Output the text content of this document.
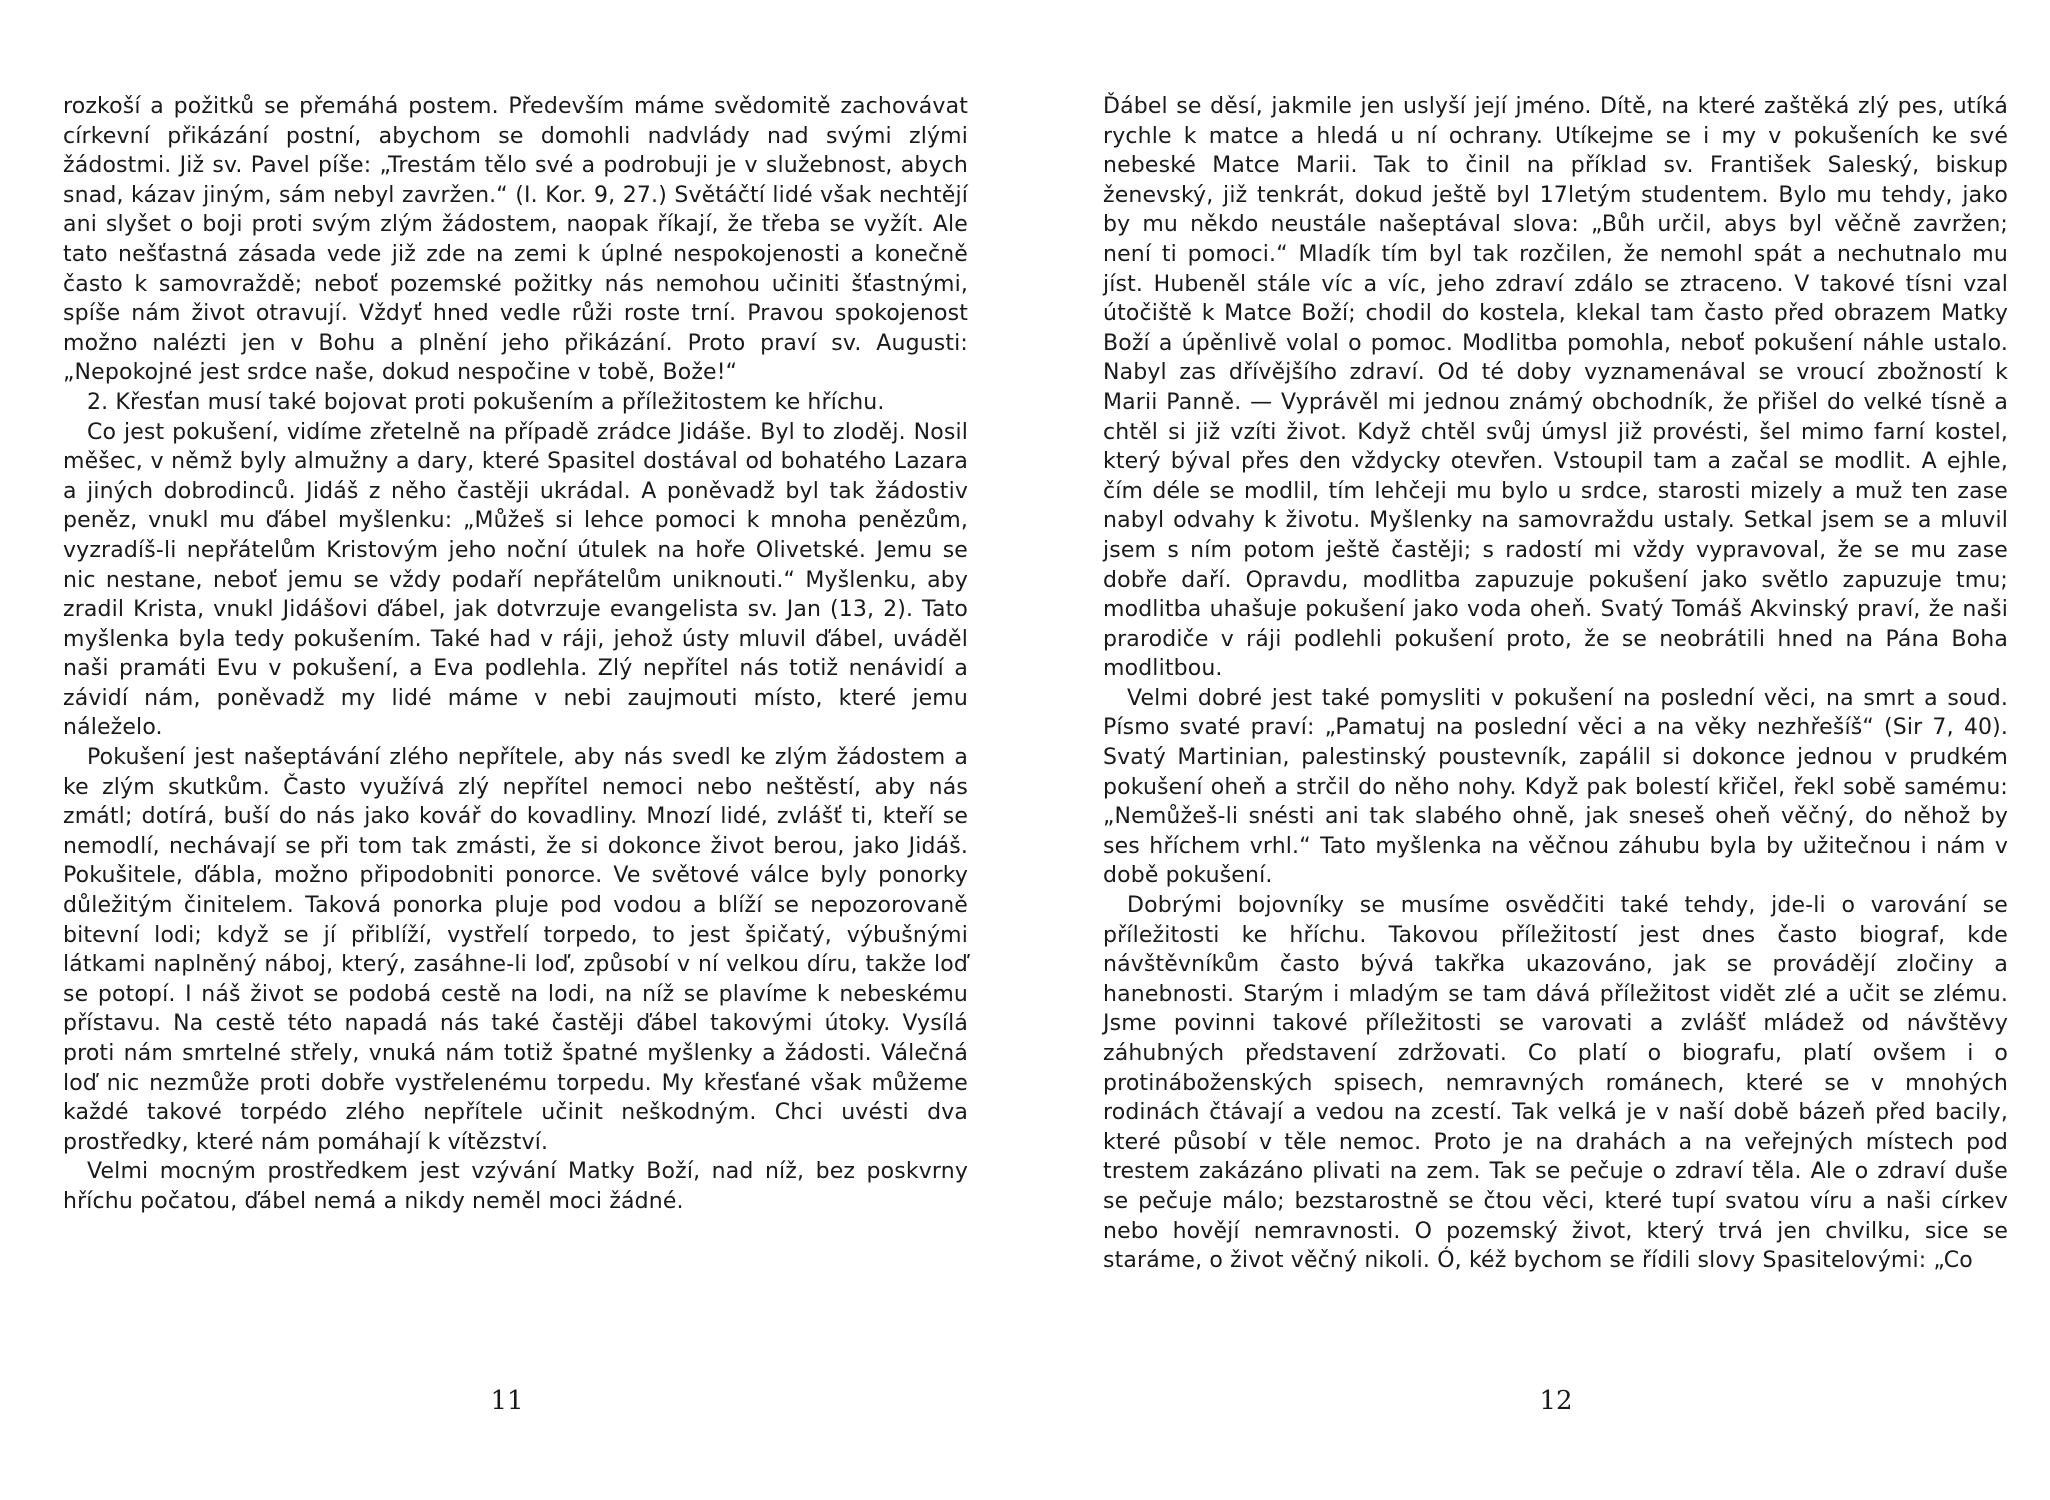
rozkoší a požitků se přemáhá postem. Především máme svědomitě zachovávat církevní přikázání postní, abychom se domohli nadvlády nad svými zlými žádostmi. Již sv. Pavel píše: „Trestám tělo své a podrobuji je v služebnost, abych snad, kázav jiným, sám nebyl zavržen.“ (I. Kor. 9, 27.) Světáčtí lidé však nechtějí ani slyšet o boji proti svým zlým žádostem, naopak říkají, že třeba se vyžít. Ale tato nešťastná zásada vede již zde na zemi k úplné nespokojenosti a konečně často k samovraždě; neboť pozemské požitky nás nemohou učiniti šťastnými, spíše nám život otravují. Vždyť hned vedle růži roste trní. Pravou spokojenost možno nalézti jen v Bohu a plnění jeho přikázání. Proto praví sv. Augusti: „Nepokojné jest srdce naše, dokud nespočine v tobě, Bože!“

2. Křesťan musí také bojovat proti pokušením a příležitostem ke hříchu.

Co jest pokušení, vidíme zřetelně na případě zrádce Jidáše. Byl to zloděj. Nosil měšec, v němž byly almužny a dary, které Spasitel dostával od bohatého Lazara a jiných dobrodinců. Jidáš z něho častěji ukrádal. A poněvadž byl tak žádostiv peněz, vnukl mu ďábel myšlenku: „Můžeš si lehce pomoci k mnoha penězům, vyzradíš-li nepřátelům Kristovým jeho noční útulek na hoře Olivetské. Jemu se nic nestane, neboť jemu se vždy podaří nepřátelům uniknouti.“ Myšlenku, aby zradil Krista, vnukl Jidášovi ďábel, jak dotvrzuje evangelista sv. Jan (13, 2). Tato myšlenka byla tedy pokušením. Také had v ráji, jehož ústy mluvil ďábel, uváděl naši pramáti Evu v pokušení, a Eva podlehla. Zlý nepřítel nás totiž nenávidí a závidí nám, poněvadž my lidé máme v nebi zaujmouti místo, které jemu náleželo.

Pokušení jest našeptávání zlého nepřítele, aby nás svedl ke zlým žádostem a ke zlým skutkům. Často využívá zlý nepřítel nemoci nebo neštěstí, aby nás zmátl; dotírá, buší do nás jako kovář do kovadliny. Mnozí lidé, zvlášť ti, kteří se nemodlí, nechávají se při tom tak zmásti, že si dokonce život berou, jako Jidáš. Pokušitele, ďábla, možno připodobniti ponorce. Ve světové válce byly ponorky důležitým činitelem. Taková ponorka pluje pod vodou a blíží se nepozorovaně bitevní lodi; když se jí přiblíží, vystřelí torpedo, to jest špičatý, výbušnými látkami naplněný náboj, který, zasáhne-li loď, způsobí v ní velkou díru, takže loď se potopí. I náš život se podobá cestě na lodi, na níž se plavíme k nebeskému přístavu. Na cestě této napadá nás také častěji ďábel takovými útoky. Vysílá proti nám smrtelné střely, vnuká nám totiž špatné myšlenky a žádosti. Válečná loď nic nezmůže proti dobře vystřelenému torpedu. My křesťané však můžeme každé takové torpédo zlého nepřítele učinit neškodným. Chci uvésti dva prostředky, které nám pomáhají k vítězství.

Velmi mocným prostředkem jest vzývání Matky Boží, nad níž, bez poskvrny hříchu počatou, ďábel nemá a nikdy neměl moci žádné.

11

Ďábel se děsí, jakmile jen uslyší její jméno. Dítě, na které zaštěká zlý pes, utíká rychle k matce a hledá u ní ochrany. Utíkejme se i my v pokušeních ke své nebeské Matce Marii. Tak to činil na příklad sv. František Saleský, biskup ženevský, již tenkrát, dokud ještě byl 17letým studentem. Bylo mu tehdy, jako by mu někdo neustále našeptával slova: „Bůh určil, abys byl věčně zavržen; není ti pomoci.“ Mladík tím byl tak rozčilen, že nemohl spát a nechutnalo mu jíst. Hubeněl stále víc a víc, jeho zdraví zdálo se ztraceno. V takové tísni vzal útočiště k Matce Boží; chodil do kostela, klekal tam často před obrazem Matky Boží a úpěnlivě volal o pomoc. Modlitba pomohla, neboť pokušení náhle ustalo. Nabyl zas dřívějšího zdraví. Od té doby vyznamenával se vroucí zbožností k Marii Panně. — Vyprávěl mi jednou známý obchodník, že přišel do velké tísně a chtěl si již vzíti život. Když chtěl svůj úmysl již provésti, šel mimo farní kostel, který býval přes den vždycky otevřen. Vstoupil tam a začal se modlit. A ejhle, čím déle se modlil, tím lehčeji mu bylo u srdce, starosti mizely a muž ten zase nabyl odvahy k životu. Myšlenky na samovraždu ustaly. Setkal jsem se a mluvil jsem s ním potom ještě častěji; s radostí mi vždy vypravoval, že se mu zase dobře daří. Opravdu, modlitba zapuzuje pokušení jako světlo zapuzuje tmu; modlitba uhašuje pokušení jako voda oheň. Svatý Tomáš Akvinský praví, že naši prarodiče v ráji podlehli pokušení proto, že se neobrátili hned na Pána Boha modlitbou.

Velmi dobré jest také pomysliti v pokušení na poslední věci, na smrt a soud. Písmo svaté praví: „Pamatuj na poslední věci a na věky nezhřešíš“ (Sir 7, 40). Svatý Martinian, palestinský poustevník, zapálil si dokonce jednou v prudkém pokušení oheň a strčil do něho nohy. Když pak bolestí křičel, řekl sobě samému: „Nemůžeš-li snésti ani tak slabého ohně, jak sneseš oheň věčný, do něhož by ses hříchem vrhl.“ Tato myšlenka na věčnou záhubu byla by užitečnou i nám v době pokušení.

Dobrými bojovníky se musíme osvědčiti také tehdy, jde-li o varování se příležitosti ke hříchu. Takovou příležitostí jest dnes často biograf, kde návštěvníkům často bývá takřka ukazováno, jak se provádějí zločiny a hanebnosti. Starým i mladým se tam dává příležitost vidět zlé a učit se zlému. Jsme povinni takové příležitosti se varovati a zvlášť mládež od návštěvy záhubných představení zdržovati. Co platí o biografu, platí ovšem i o protináboženských spisech, nemravných románech, které se v mnohých rodinách čtávají a vedou na zcestí. Tak velká je v naší době bázeň před bacily, které působí v těle nemoc. Proto je na drahách a na veřejných místech pod trestem zakázáno plivati na zem. Tak se pečuje o zdraví těla. Ale o zdraví duše se pečuje málo; bezstarostně se čtou věci, které tupí svatou víru a naši církev nebo hovějí nemravnosti. O pozemský život, který trvá jen chvilku, sice se staráme, o život věčný nikoli. Ó, kéž bychom se řídili slovy Spasitelovými: „Co

12
